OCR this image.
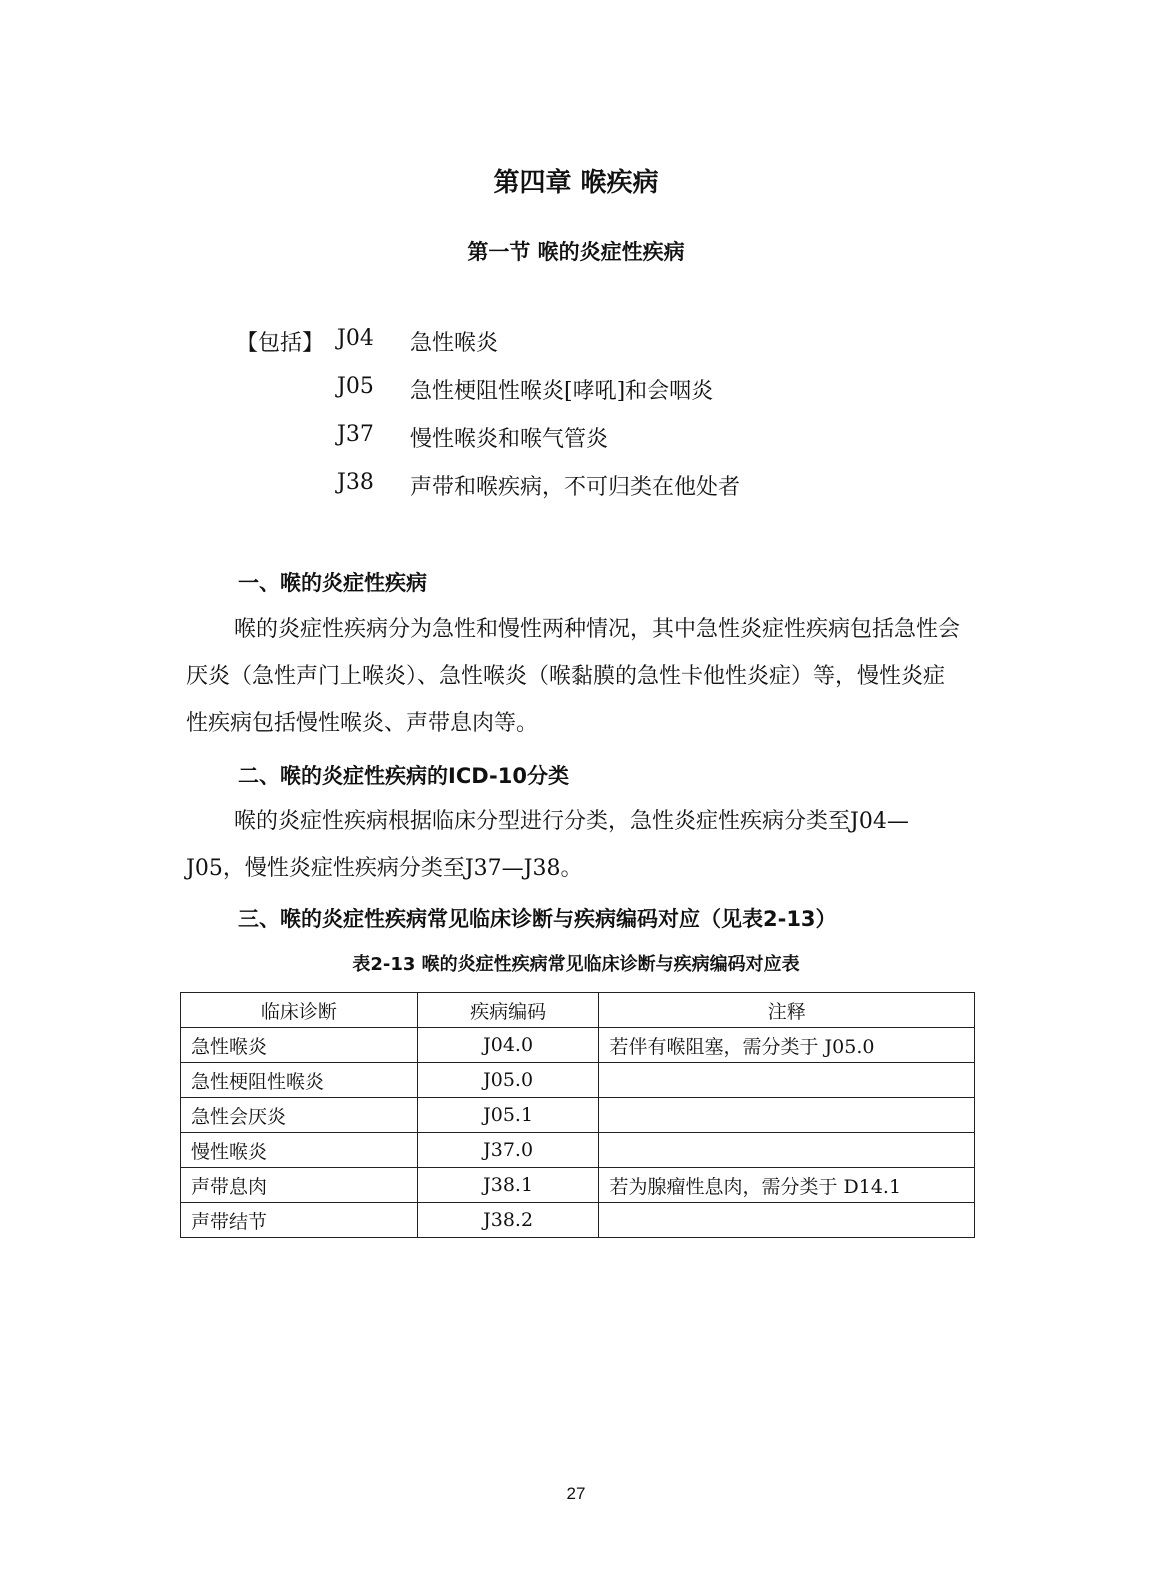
第四章 喉疾病
第一节 喉的炎症性疾病
【包括】 J04 急性喉炎
J05 急性梗阻性喉炎[哮吼]和会咽炎
J37 慢性喉炎和喉气管炎
J38 声带和喉疾病，不可归类在他处者
一、喉的炎症性疾病

喉的炎症性疾病分为急性和慢性两种情况，其中急性炎症性疾病包括急性会厌炎（急性声门上喉炎）、急性喉炎（喉黏膜的急性卡他性炎症）等，慢性炎症性疾病包括慢性喉炎、声带息肉等。

二、喉的炎症性疾病的ICD-10分类

喉的炎症性疾病根据临床分型进行分类，急性炎症性疾病分类至J04—J05，慢性炎症性疾病分类至J37—J38。

三、喉的炎症性疾病常见临床诊断与疾病编码对应（见表2-13）
表2-13 喉的炎症性疾病常见临床诊断与疾病编码对应表
临床诊断	疾病编码	注释
急性喉炎	J04.0	若伴有喉阻塞，需分类于 J05.0
急性梗阻性喉炎	J05.0	
急性会厌炎	J05.1	
慢性喉炎	J37.0	
声带息肉	J38.1	若为腺瘤性息肉，需分类于 D14.1
声带结节	J38.2	
27
